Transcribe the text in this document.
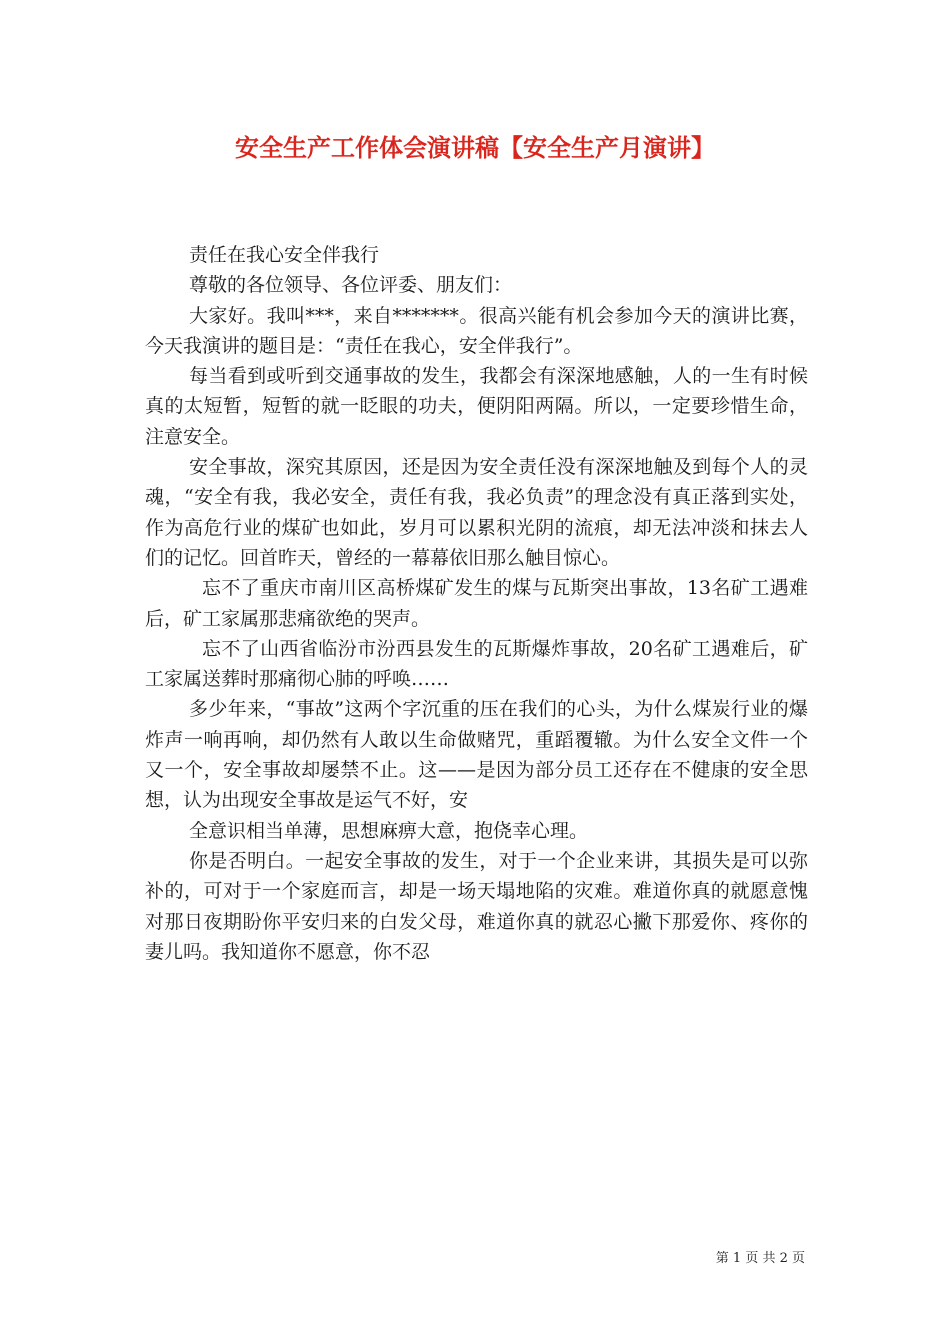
安全生产工作体会演讲稿【安全生产月演讲】

责任在我心安全伴我行

尊敬的各位领导、各位评委、朋友们：

大家好。我叫***，来自*******。很高兴能有机会参加今天的演讲比赛，今天我演讲的题目是：“责任在我心，安全伴我行”。

每当看到或听到交通事故的发生，我都会有深深地感触，人的一生有时候真的太短暂，短暂的就一眨眼的功夫，便阴阳两隔。所以，一定要珍惜生命，注意安全。

安全事故，深究其原因，还是因为安全责任没有深深地触及到每个人的灵魂，“安全有我，我必安全，责任有我，我必负责”的理念没有真正落到实处，作为高危行业的煤矿也如此，岁月可以累积光阴的流痕，却无法冲淡和抹去人们的记忆。回首昨天，曾经的一幕幕依旧那么触目惊心。

忘不了重庆市南川区高桥煤矿发生的煤与瓦斯突出事故，13名矿工遇难后，矿工家属那悲痛欲绝的哭声。

忘不了山西省临汾市汾西县发生的瓦斯爆炸事故，20名矿工遇难后，矿工家属送葬时那痛彻心肺的呼唤……

多少年来，“事故”这两个字沉重的压在我们的心头，为什么煤炭行业的爆炸声一响再响，却仍然有人敢以生命做赌咒，重蹈覆辙。为什么安全文件一个又一个，安全事故却屡禁不止。这——是因为部分员工还存在不健康的安全思想，认为出现安全事故是运气不好，安

全意识相当单薄，思想麻痹大意，抱侥幸心理。

你是否明白。一起安全事故的发生，对于一个企业来讲，其损失是可以弥补的，可对于一个家庭而言，却是一场天塌地陷的灾难。难道你真的就愿意愧对那日夜期盼你平安归来的白发父母，难道你真的就忍心撇下那爱你、疼你的妻儿吗。我知道你不愿意，你不忍

第 1 页 共 2 页
